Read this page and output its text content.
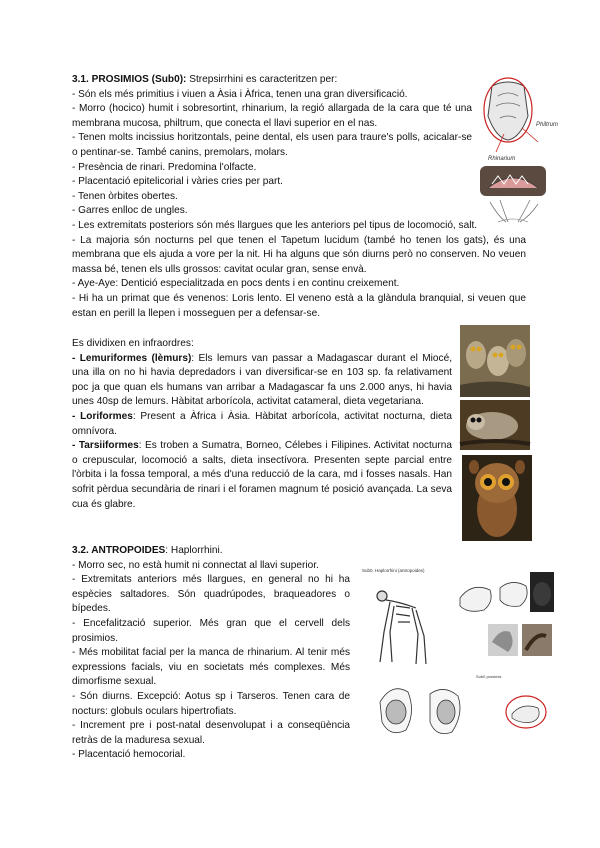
3.1. PROSIMIOS (Sub0): Strepsirrhini es caracteritzen per:

- Són els més primitius i viuen a Àsia i Àfrica, tenen una gran diversificació.

- Morro (hocico) humit i sobresortint, rhinarium, la regió allargada de la cara que té una membrana mucosa, philtrum, que conecta el llavi superior en el nas.

- Tenen molts incissius horitzontals, peine dental, els usen para traure's polls, acicalar-se o pentinar-se. També canins, premolars, molars.

- Presència de rinari. Predomina l'olfacte.

- Placentació epitelicorial i vàries cries per part.

- Tenen òrbites obertes.

- Garres enlloc de ungles.

- Les extremitats posteriors són més llargues que les anteriors pel tipus de locomoció, salt.

- La majoria són nocturns pel que tenen el Tapetum lucidum (també ho tenen los gats), és una membrana que els ajuda a vore per la nit. Hi ha alguns que són diurns però no conserven. No veuen massa bé, tenen els ulls grossos: cavitat ocular gran, sense envà.

- Aye-Aye: Dentició especialitzada en pocs dents i en continu creixement.

- Hi ha un primat que és venenos: Loris lento. El veneno està a la glàndula branquial, si veuen que estan en perill la llepen i mosseguen per a defensar-se.

Philtrum
Rhinarium

Es dividixen en infraordres:

- Lemuriformes (lèmurs): Els lemurs van passar a Madagascar durant el Miocé, una illa on no hi havia depredadors i van diversificar-se en 103 sp. fa relativament poc ja que quan els humans van arribar a Madagascar fa uns 2.000 anys, hi havia unes 40sp de lemurs. Hàbitat arborícola, activitat catameral, dieta vegetariana.

- Loriformes: Present a Àfrica i Àsia. Hàbitat arborícola, activitat nocturna, dieta omnívora.

- Tarsiiformes: Es troben a Sumatra, Borneo, Célebes i Filipines. Activitat nocturna o crepuscular, locomoció a salts, dieta insectívora. Presenten septe parcial entre l'òrbita i la fossa temporal, a més d'una reducció de la cara, md i fosses nasals. Han sofrit pèrdua secundària de rinari i el foramen magnum té posició avançada. La seva cua és glabre.

3.2. ANTROPOIDES: Haplorrhini.

- Morro sec, no està humit ni connectat al llavi superior.

- Extremitats anteriors més llargues, en general no hi ha espècies saltadores. Són quadrúpodes, braqueadores o bípedes.

- Encefalització superior. Més gran que el cervell dels prosimios.

- Més mobilitat facial per la manca de rhinarium. Al tenir més expressions facials, viu en societats més complexes. Més dimorfisme sexual.

- Són diurns. Excepció: Aotus sp i Tarseros. Tenen cara de nocturs: globuls oculars hipertrofiats.

- Increment pre i post-natal desenvolupat i a conseqüència retràs de la maduresa sexual.

- Placentació hemocorial.

Sub0. Haplorrhini (antropoides)
Sub0 prosimis
